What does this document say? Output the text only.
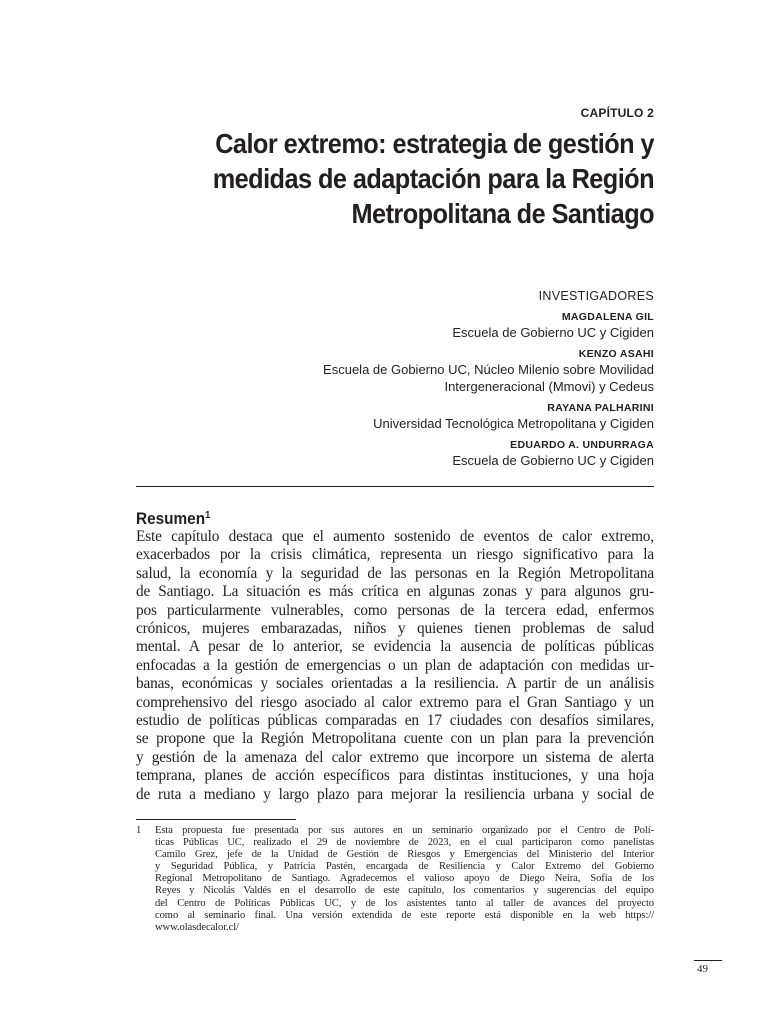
CAPÍTULO 2
Calor extremo: estrategia de gestión y
medidas de adaptación para la Región
Metropolitana de Santiago
INVESTIGADORES
MAGDALENA GIL
Escuela de Gobierno UC y Cigiden
KENZO ASAHI
Escuela de Gobierno UC, Núcleo Milenio sobre Movilidad
Intergeneracional (Mmovi) y Cedeus
RAYANA PALHARINI
Universidad Tecnológica Metropolitana y Cigiden
EDUARDO A. UNDURRAGA
Escuela de Gobierno UC y Cigiden
Resumen$^1$
Este capítulo destaca que el aumento sostenido de eventos de calor extremo,
exacerbados por la crisis climática, representa un riesgo significativo para la
salud, la economía y la seguridad de las personas en la Región Metropolitana
de Santiago. La situación es más crítica en algunas zonas y para algunos gru-
pos particularmente vulnerables, como personas de la tercera edad, enfermos
crónicos, mujeres embarazadas, niños y quienes tienen problemas de salud
mental. A pesar de lo anterior, se evidencia la ausencia de políticas públicas
enfocadas a la gestión de emergencias o un plan de adaptación con medidas ur-
banas, económicas y sociales orientadas a la resiliencia. A partir de un análisis
comprehensivo del riesgo asociado al calor extremo para el Gran Santiago y un
estudio de políticas públicas comparadas en 17 ciudades con desafíos similares,
se propone que la Región Metropolitana cuente con un plan para la prevención
y gestión de la amenaza del calor extremo que incorpore un sistema de alerta
temprana, planes de acción específicos para distintas instituciones, y una hoja
de ruta a mediano y largo plazo para mejorar la resiliencia urbana y social de
1 Esta propuesta fue presentada por sus autores en un seminario organizado por el Centro de Polí-
ticas Públicas UC, realizado el 29 de noviembre de 2023, en el cual participaron como panelistas
Camilo Grez, jefe de la Unidad de Gestión de Riesgos y Emergencias del Ministerio del Interior
y Seguridad Pública, y Patricia Pastén, encargada de Resiliencia y Calor Extremo del Gobierno
Regional Metropolitano de Santiago. Agradecemos el valioso apoyo de Diego Neira, Sofía de los
Reyes y Nicolás Valdés en el desarrollo de este capítulo, los comentarios y sugerencias del equipo
del Centro de Políticas Públicas UC, y de los asistentes tanto al taller de avances del proyecto
como al seminario final. Una versión extendida de este reporte está disponible en la web https://
www.olasdecalor.cl/
49
